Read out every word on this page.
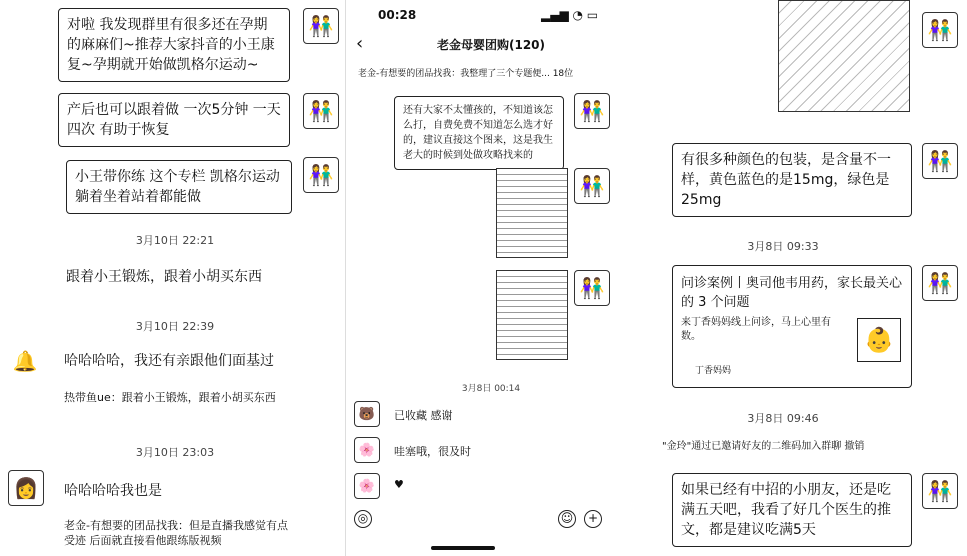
对啦 我发现群里有很多还在孕期的麻麻们~推荐大家抖音的小王康复~孕期就开始做凯格尔运动~
👫
产后也可以跟着做 一次5分钟 一天四次 有助于恢复
👫
小王带你练 这个专栏 凯格尔运动 躺着坐着站着都能做
👫
3月10日 22:21
跟着小王锻炼，跟着小胡买东西
3月10日 22:39
🔔	哈哈哈哈，我还有亲跟他们面基过
热带鱼ue：跟着小王锻炼，跟着小胡买东西
3月10日 23:03
👩	哈哈哈哈我也是
老金-有想要的团品找我：但是直播我感觉有点受迹 后面就直接看他跟练版视频
00:28	▂▄▆ ◔ ▭
‹	老金母婴团购(120)
老金-有想要的团品找我：我整理了三个专题便... 18位
还有大家不太懂孩的，不知道该怎么打，自费免费不知道怎么选才好的，建议直接这个图来，这是我生老大的时候到处做攻略找来的
👫
👫
👫
3月8日 00:14
🐻	已收藏 感谢
🌸	哇塞哦，很及时
🌸	♥
◎	☺	+
👫
有很多种颜色的包装，是含量不一样，黄色蓝色的是15mg，绿色是25mg
👫
3月8日 09:33
问诊案例丨奥司他韦用药，家长最关心的 3 个问题
来丁香妈妈线上问诊，马上心里有数。	👶
丁香妈妈
👫
3月8日 09:46
"金玲"通过已邀请好友的二维码加入群聊 撤销
如果已经有中招的小朋友，还是吃满五天吧，我看了好几个医生的推文，都是建议吃满5天
👫
